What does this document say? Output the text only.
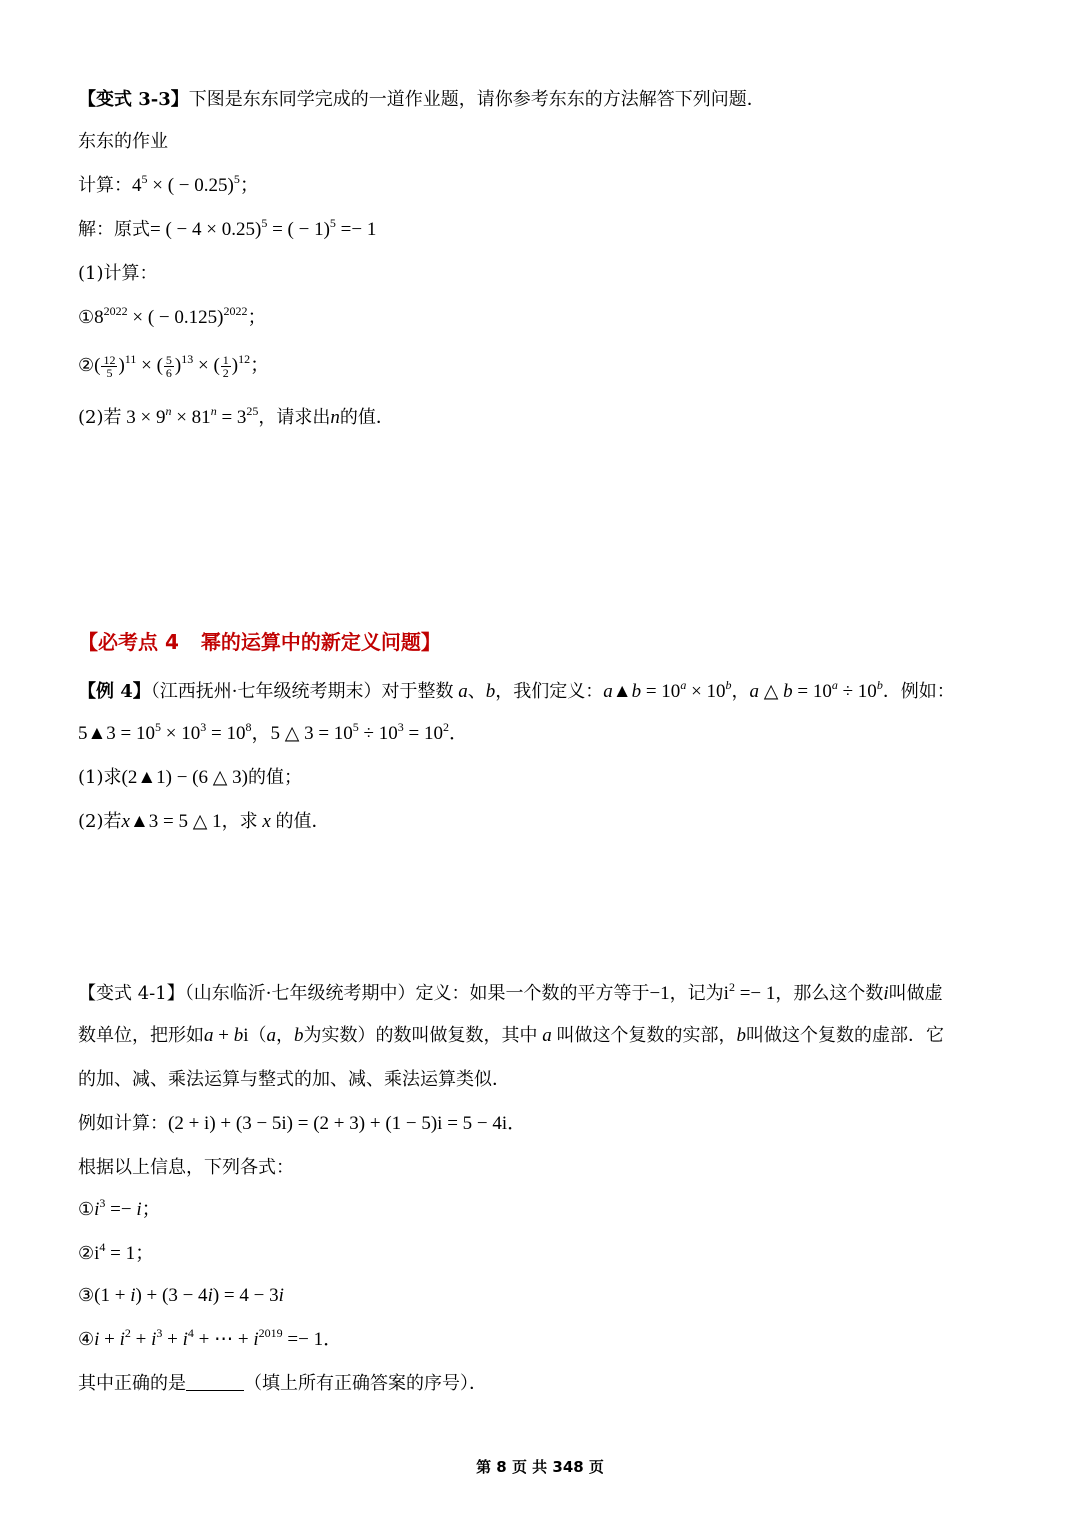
【变式 3-3】下图是东东同学完成的一道作业题，请你参考东东的方法解答下列问题．
东东的作业
计算：$4^5$ × ( − 0.25)$^5$；
解：原式= ( − 4 × 0.25)$^5$ = ( − 1)$^5$ =− 1
(1)计算：
$①8^{2022}$ × ( − 0.125)$^{2022}$；
②( $\frac{12}{5} )^{11}$ × ( $\frac{5}{6} )^{13}$ × ( $\frac{1}{2} )^{12}$；
(2)若 $3 \times 9^n \times 81^n = 3^{25}$，请求出n的值．
【必考点 4 幂的运算中的新定义问题】
【例 4】（江西抚州·七年级统考期末）对于整数 a、b，我们定义：a▲b = $10^a \times 10^b$，a △ $b = 10^a \div 10^b$．例如：
5▲3 = $10^5 \times 10^3 = 10^8$，5 △ $3 = 10^5 \div 10^3 = 10^2$．
(1)求(2▲1) − (6 △ 3)的值；
(2)若x▲3 = 5 △ 1，求 x 的值．
【变式 4-1】（山东临沂·七年级统考期中）定义：如果一个数的平方等于−1，记为$i^2 =- 1$，那么这个数i叫做虚
数单位，把形如a + bi（a，b为实数）的数叫做复数，其中 a 叫做这个复数的实部，b叫做这个复数的虚部．它
的加、减、乘法运算与整式的加、减、乘法运算类似．
例如计算：(2 + i) + (3 − 5i) = (2 + 3) + (1 − 5)i = 5 − 4i．
根据以上信息，下列各式：
$①i^3 =- i$；
$②i^4 = 1$；
③(1 + i) + (3 − 4i) = 4 − 3i
④i + $i^2 + i^3 + i^4$ + ⋯ + $i^{2019} =- 1$．
其中正确的是	（填上所有正确答案的序号）．
第 8 页 共 348 页
